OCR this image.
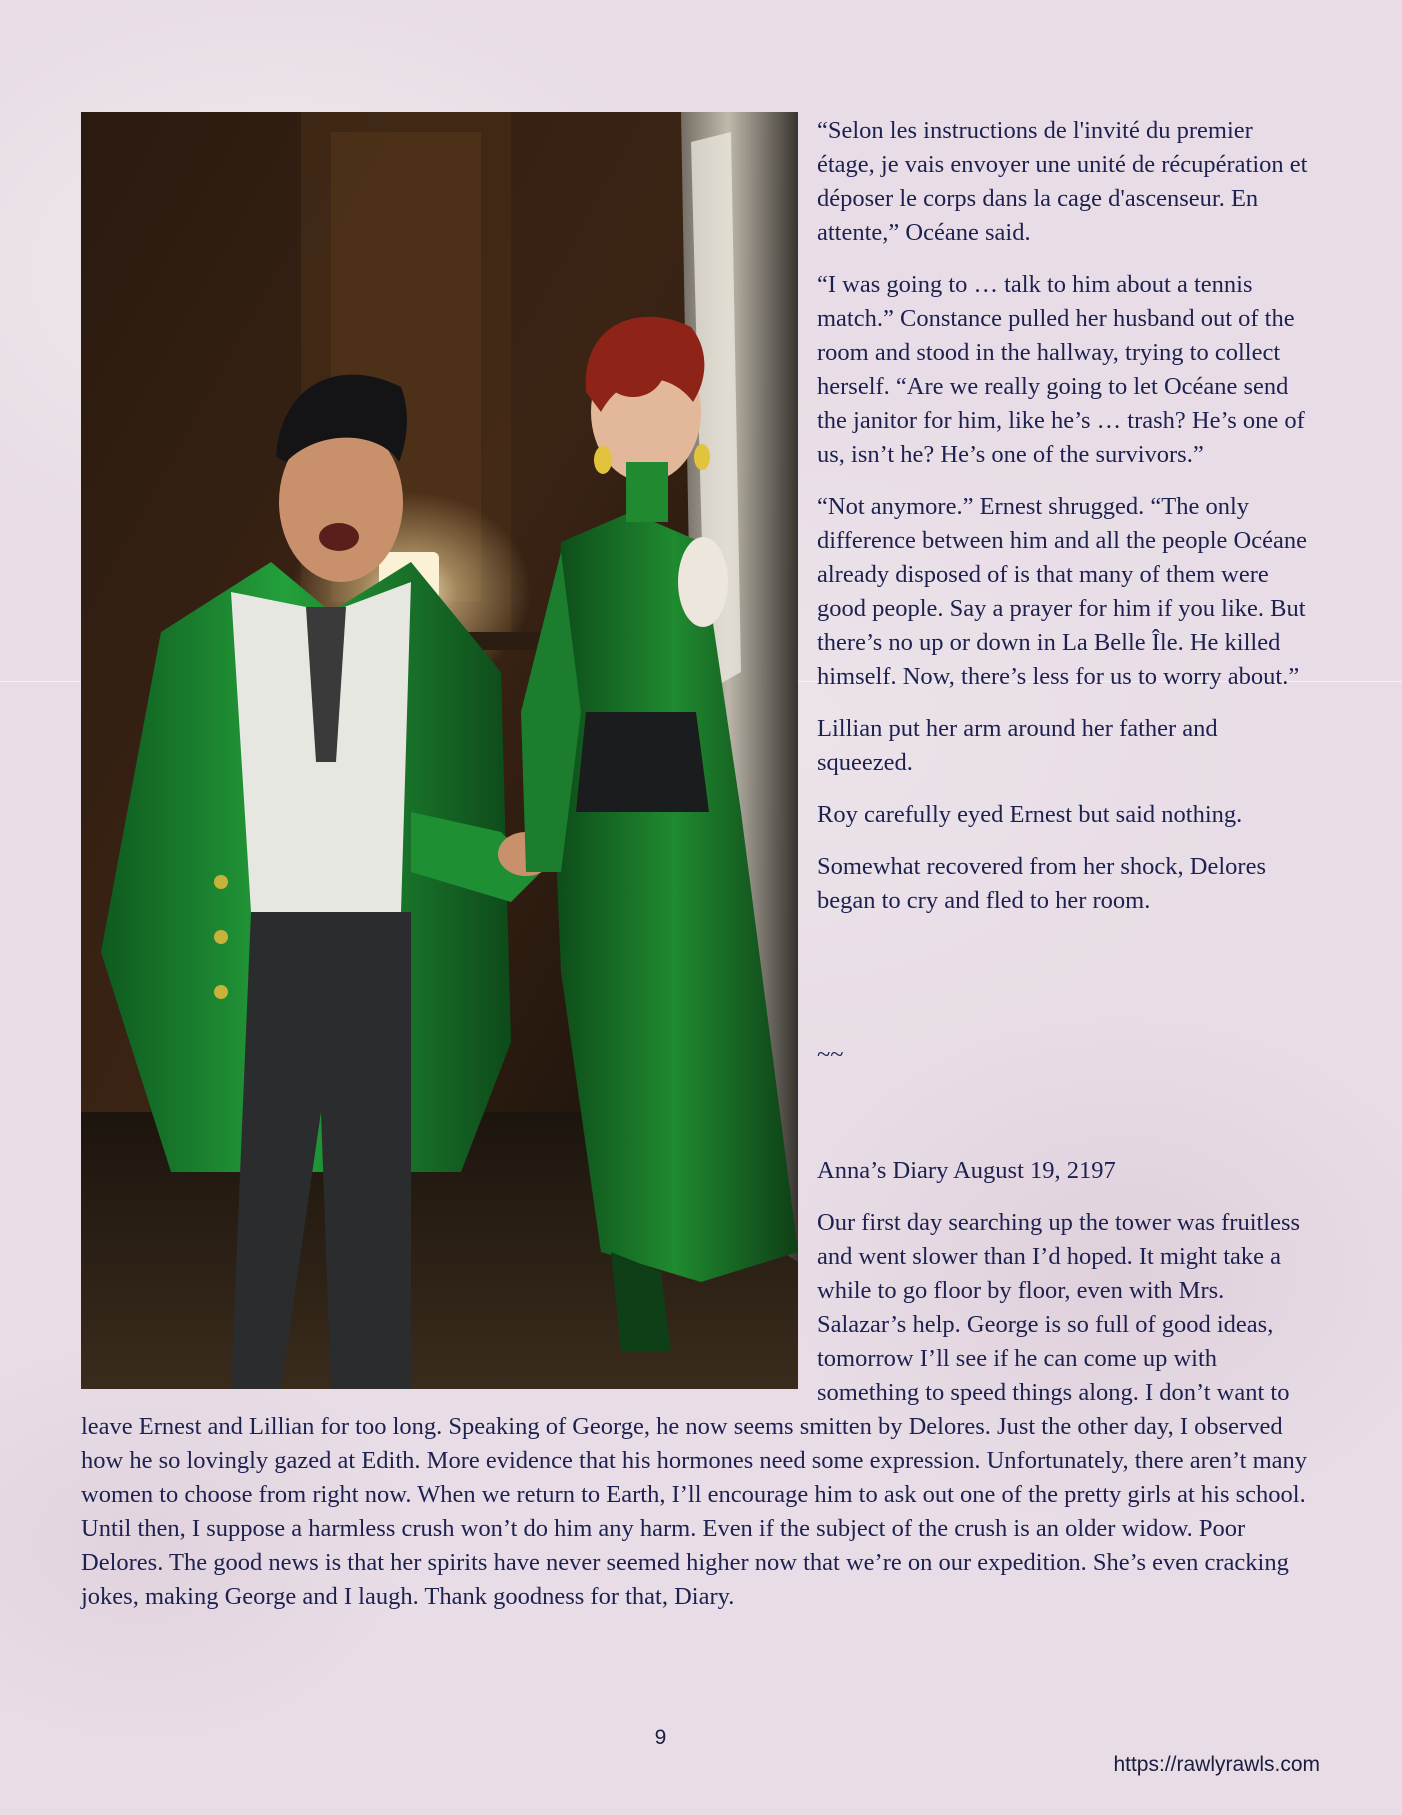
“Selon les instructions de l'invité du premier étage, je vais envoyer une unité de récupération et déposer le corps dans la cage d'ascenseur. En attente,” Océane said.

“I was going to … talk to him about a tennis match.” Constance pulled her husband out of the room and stood in the hallway, trying to collect herself. “Are we really going to let Océane send the janitor for him, like he’s … trash? He’s one of us, isn’t he? He’s one of the survivors.”

“Not anymore.” Ernest shrugged. “The only difference between him and all the people Océane already disposed of is that many of them were good people. Say a prayer for him if you like. But there’s no up or down in La Belle Île. He killed himself. Now, there’s less for us to worry about.”

Lillian put her arm around her father and squeezed.

Roy carefully eyed Ernest but said nothing.

Somewhat recovered from her shock, Delores began to cry and fled to her room.

~~

Anna’s Diary August 19, 2197

Our first day searching up the tower was fruitless and went slower than I’d hoped. It might take a while to go floor by floor, even with Mrs. Salazar’s help. George is so full of good ideas, tomorrow I’ll see if he can come up with something to speed things along. I don’t want to leave Ernest and Lillian for too long. Speaking of George, he now seems smitten by Delores. Just the other day, I observed how he so lovingly gazed at Edith. More evidence that his hormones need some expression. Unfortunately, there aren’t many women to choose from right now. When we return to Earth, I’ll encourage him to ask out one of the pretty girls at his school. Until then, I suppose a harmless crush won’t do him any harm. Even if the subject of the crush is an older widow. Poor Delores. The good news is that her spirits have never seemed higher now that we’re on our expedition. She’s even cracking jokes, making George and I laugh. Thank goodness for that, Diary.

9
https://rawlyrawls.com
